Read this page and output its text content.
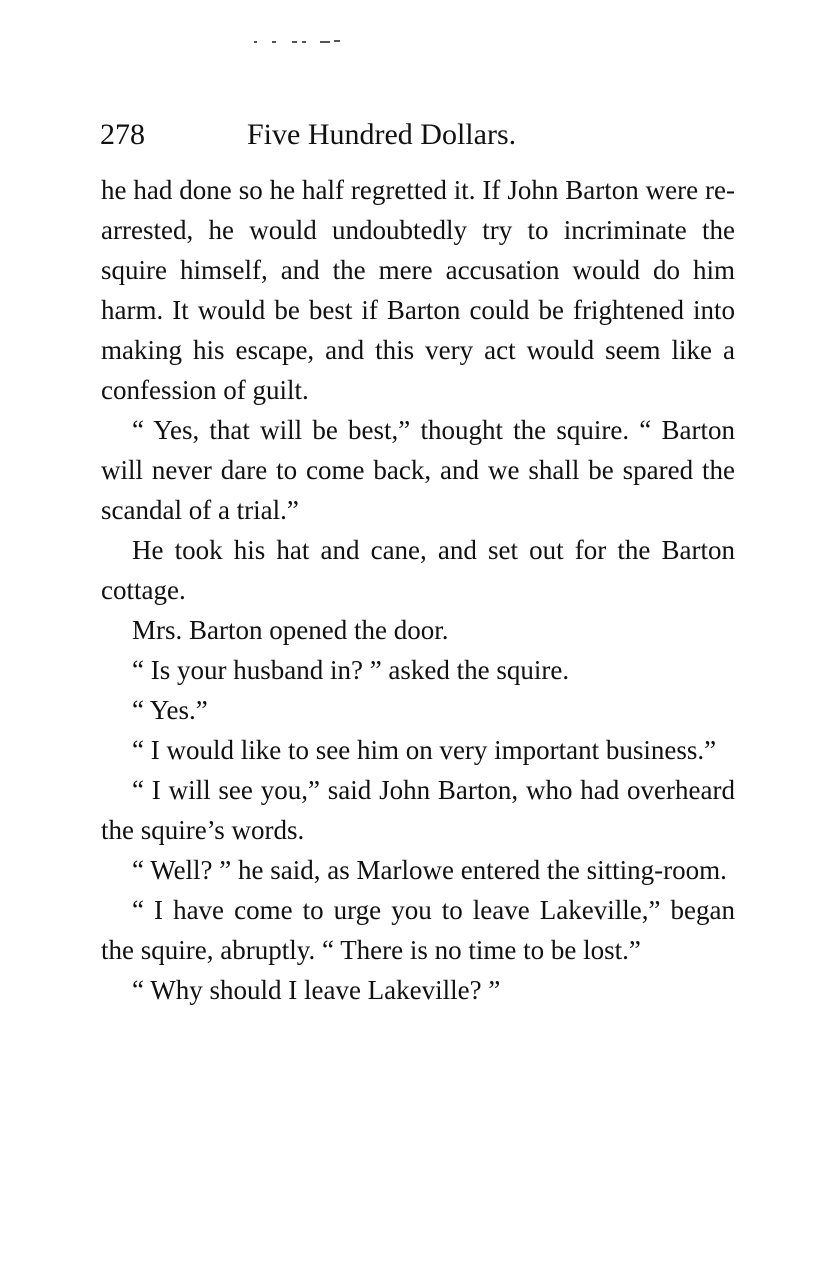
278	Five Hundred Dollars.

he had done so he half regretted it. If John Barton were re-arrested, he would undoubtedly try to incriminate the squire himself, and the mere accusation would do him harm. It would be best if Barton could be frightened into making his escape, and this very act would seem like a confession of guilt.

“ Yes, that will be best,” thought the squire. “ Barton will never dare to come back, and we shall be spared the scandal of a trial.”

He took his hat and cane, and set out for the Barton cottage.

Mrs. Barton opened the door.

“ Is your husband in? ” asked the squire.

“ Yes.”

“ I would like to see him on very important business.”

“ I will see you,” said John Barton, who had overheard the squire’s words.

“ Well? ” he said, as Marlowe entered the sitting-room.

“ I have come to urge you to leave Lakeville,” began the squire, abruptly. “ There is no time to be lost.”

“ Why should I leave Lakeville? ”
